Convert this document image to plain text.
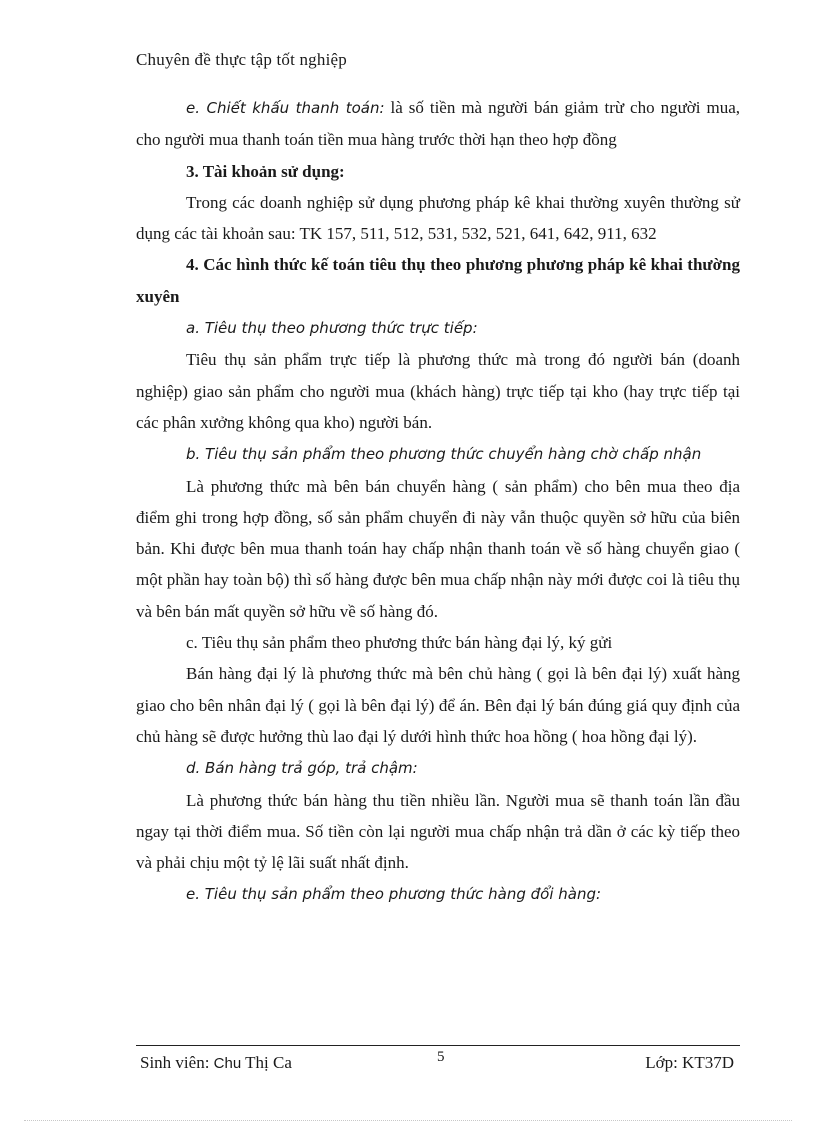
Chuyên đề thực tập tốt nghiệp

e. Chiết khấu thanh toán: là số tiền mà người bán giảm trừ cho người mua, cho người mua thanh toán tiền mua hàng trước thời hạn theo hợp đồng

3. Tài khoản sử dụng:

Trong các doanh nghiệp sử dụng phương pháp kê khai thường xuyên thường sử dụng các tài khoản sau: TK 157, 511, 512, 531, 532, 521, 641, 642, 911, 632

4. Các hình thức kế toán tiêu thụ theo phương phương pháp kê khai thường xuyên

a. Tiêu thụ theo phương thức trực tiếp:

Tiêu thụ sản phẩm trực tiếp là phương thức mà trong đó người bán (doanh nghiệp) giao sản phẩm cho người mua (khách hàng) trực tiếp tại kho (hay trực tiếp tại các phân xưởng không qua kho) người bán.

b. Tiêu thụ sản phẩm theo phương thức chuyển hàng chờ chấp nhận

Là phương thức mà bên bán chuyển hàng ( sản phẩm) cho bên mua theo địa điểm ghi trong hợp đồng, số sản phẩm chuyển đi này vẫn thuộc quyền sở hữu của biên bản. Khi được bên mua thanh toán hay chấp nhận thanh toán về số hàng chuyển giao ( một phần hay toàn bộ) thì số hàng được bên mua chấp nhận này mới được coi là tiêu thụ và bên bán mất quyền sở hữu về số hàng đó.

c. Tiêu thụ sản phẩm theo phương thức bán hàng đại lý, ký gửi

Bán hàng đại lý là phương thức mà bên chủ hàng ( gọi là bên đại lý) xuất hàng giao cho bên nhân đại lý ( gọi là bên đại lý) để án. Bên đại lý bán đúng giá quy định của chủ hàng sẽ được hưởng thù lao đại lý dưới hình thức hoa hồng ( hoa hồng đại lý).

d. Bán hàng trả góp, trả chậm:

Là phương thức bán hàng thu tiền nhiều lần. Người mua sẽ thanh toán lần đầu ngay tại thời điểm mua. Số tiền còn lại người mua chấp nhận trả dần ở các kỳ tiếp theo và phải chịu một tỷ lệ lãi suất nhất định.

e. Tiêu thụ sản phẩm theo phương thức hàng đổi hàng:

Sinh viên: Chu Thị Ca	5	Lớp: KT37D
